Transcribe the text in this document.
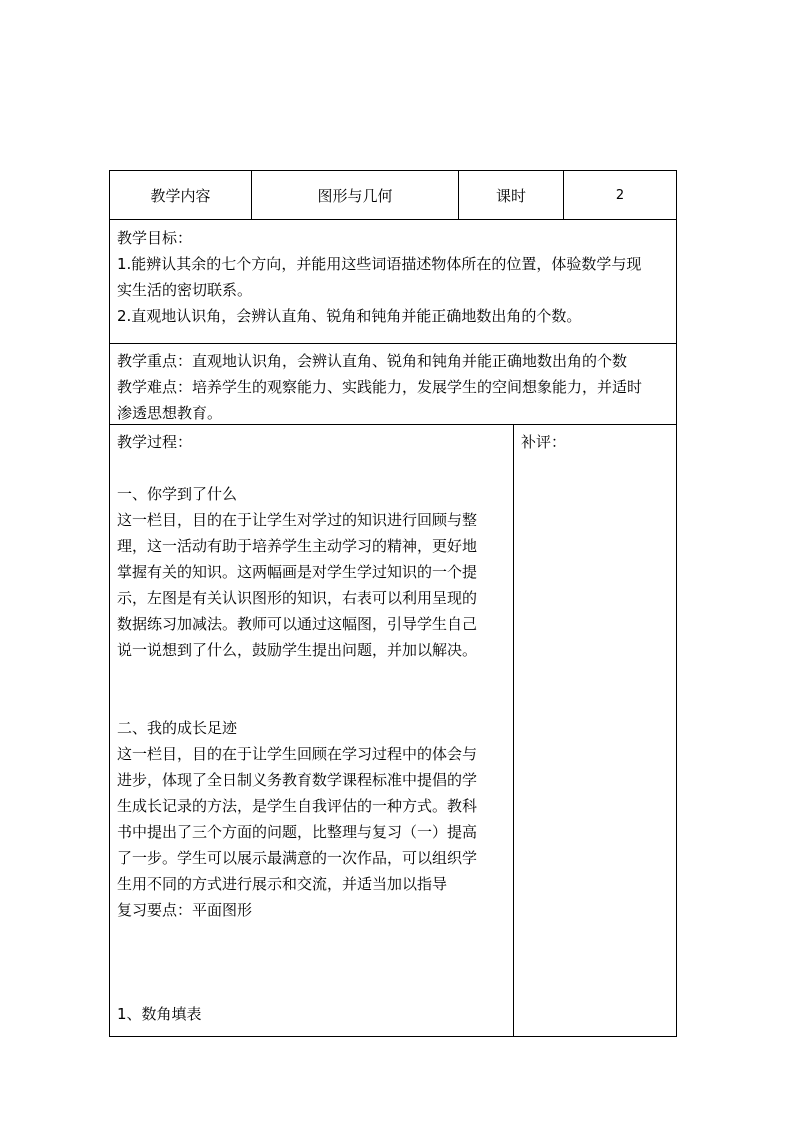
教学内容	图形与几何	课时	2
教学目标：
1.能辨认其余的七个方向，并能用这些词语描述物体所在的位置，体验数学与现
实生活的密切联系。
2.直观地认识角，会辨认直角、锐角和钝角并能正确地数出角的个数。
教学重点：直观地认识角，会辨认直角、锐角和钝角并能正确地数出角的个数
教学难点：培养学生的观察能力、实践能力，发展学生的空间想象能力，并适时
渗透思想教育。
教学过程：
一、你学到了什么
这一栏目，目的在于让学生对学过的知识进行回顾与整
理，这一活动有助于培养学生主动学习的精神，更好地
掌握有关的知识。这两幅画是对学生学过知识的一个提
示，左图是有关认识图形的知识，右表可以利用呈现的
数据练习加减法。教师可以通过这幅图，引导学生自己
说一说想到了什么，鼓励学生提出问题，并加以解决。
二、我的成长足迹
这一栏目，目的在于让学生回顾在学习过程中的体会与
进步，体现了全日制义务教育数学课程标准中提倡的学
生成长记录的方法，是学生自我评估的一种方式。教科
书中提出了三个方面的问题，比整理与复习（一）提高
了一步。学生可以展示最满意的一次作品，可以组织学
生用不同的方式进行展示和交流，并适当加以指导
复习要点：平面图形
1、数角填表
补评：
